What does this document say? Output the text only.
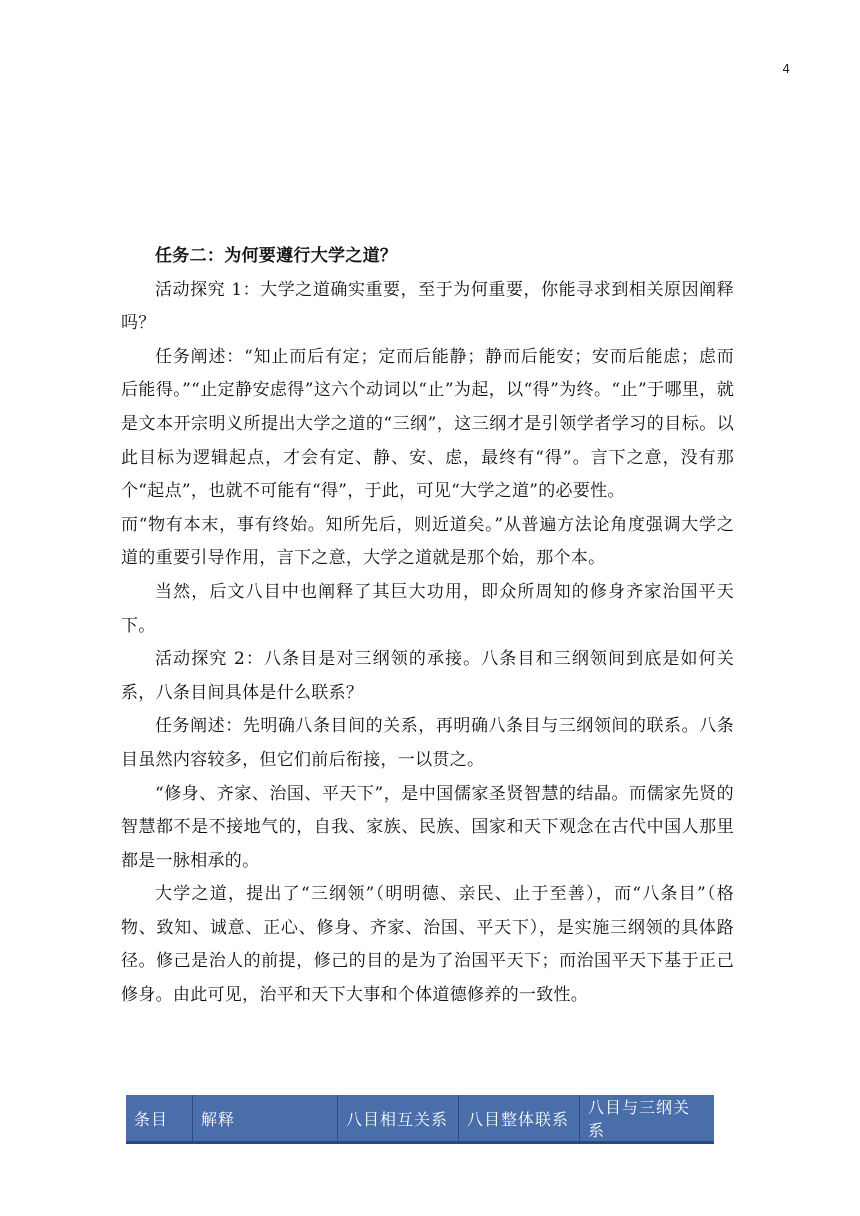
4

任务二：为何要遵行大学之道？

活动探究 1：大学之道确实重要，至于为何重要，你能寻求到相关原因阐释吗？

任务阐述：“知止而后有定；定而后能静；静而后能安；安而后能虑；虑而后能得。”“止定静安虑得”这六个动词以“止”为起，以“得”为终。“止”于哪里，就是文本开宗明义所提出大学之道的“三纲”，这三纲才是引领学者学习的目标。以此目标为逻辑起点，才会有定、静、安、虑，最终有“得”。言下之意，没有那个“起点”，也就不可能有“得”，于此，可见“大学之道”的必要性。

而“物有本末，事有终始。知所先后，则近道矣。”从普遍方法论角度强调大学之道的重要引导作用，言下之意，大学之道就是那个始，那个本。

当然，后文八目中也阐释了其巨大功用，即众所周知的修身齐家治国平天下。

活动探究 2：八条目是对三纲领的承接。八条目和三纲领间到底是如何关系，八条目间具体是什么联系？

任务阐述：先明确八条目间的关系，再明确八条目与三纲领间的联系。八条目虽然内容较多，但它们前后衔接，一以贯之。

“修身、齐家、治国、平天下”，是中国儒家圣贤智慧的结晶。而儒家先贤的智慧都不是不接地气的，自我、家族、民族、国家和天下观念在古代中国人那里都是一脉相承的。

大学之道，提出了“三纲领”（明明德、亲民、止于至善），而“八条目”（格物、致知、诚意、正心、修身、齐家、治国、平天下），是实施三纲领的具体路径。修己是治人的前提，修己的目的是为了治国平天下；而治国平天下基于正己修身。由此可见，治平和天下大事和个体道德修养的一致性。

条目	解释	八目相互关系	八目整体联系	八目与三纲关系
